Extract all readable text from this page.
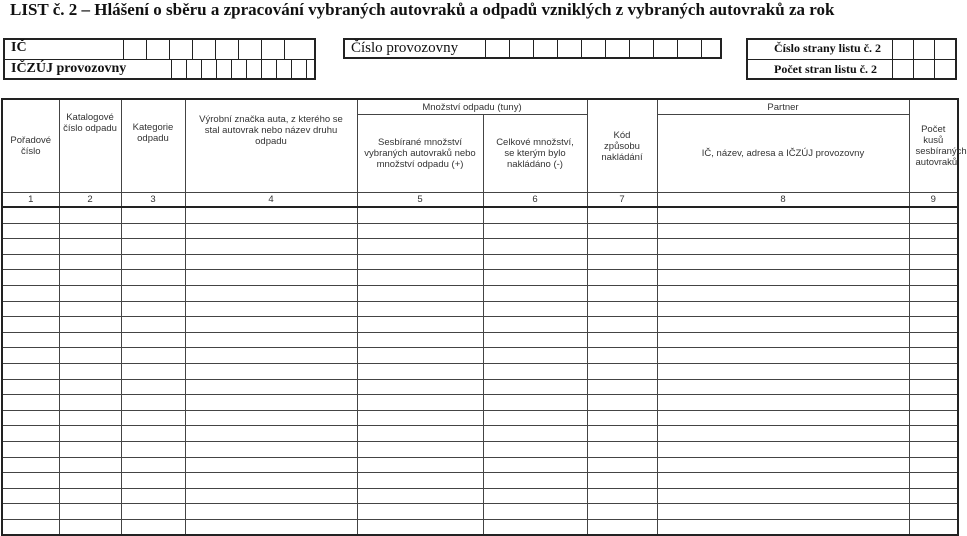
LIST č. 2 – Hlášení o sběru a zpracování vybraných autovraků a odpadů vzniklých z vybraných autovraků za rok
IČ
IČZÚJ provozovny
Číslo provozovny	Číslo strany listu č. 2
Počet stran listu č. 2
Pořadové číslo	Katalogové číslo odpadu	Kategorie odpadu	Výrobní značka auta, z kterého se stal autovrak nebo název druhu odpadu	Množství odpadu (tuny)		Kód způsobu nakládání	Partner	Počet kusů sesbíraných autovraků
				Sesbírané množství vybraných autovraků nebo množství odpadu (+)	Celkové množství, se kterým bylo nakládáno (-)		IČ, název, adresa a IČZÚJ provozovny	
1	2	3	4	5	6	7	8	9
